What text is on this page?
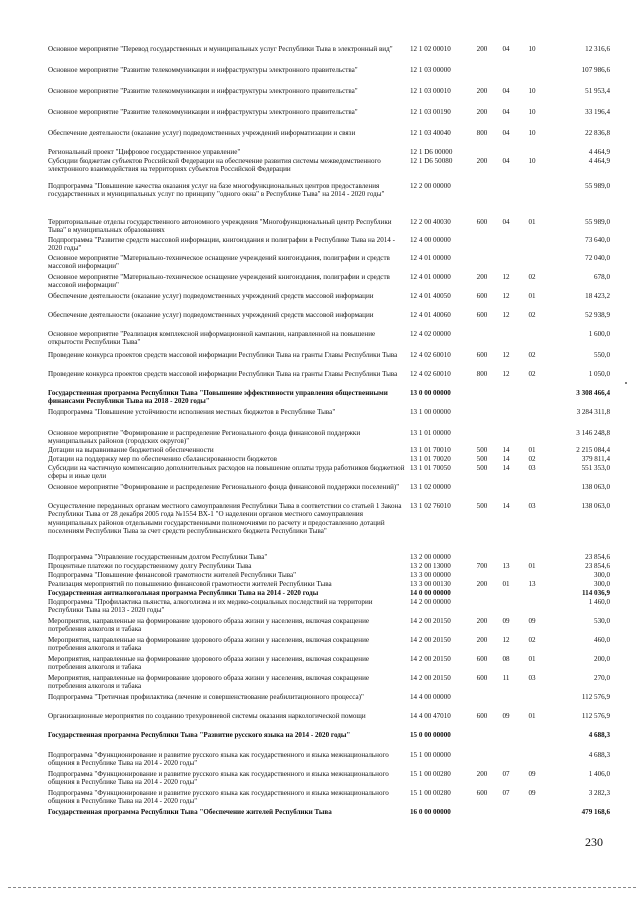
Основное мероприятие "Перевод государственных и муниципальных услуг Республики Тыва в электронный вид"	12 1 02 00010	200	04	10	12 316,6
Основное мероприятие "Развитие телекоммуникации и инфраструктуры электронного правительства"	12 1 03 00000	107 986,6
Основное мероприятие "Развитие телекоммуникации и инфраструктуры электронного правительства"	12 1 03 00010	200	04	10	51 953,4
Основное мероприятие "Развитие телекоммуникации и инфраструктуры электронного правительства"	12 1 03 00190	200	04	10	33 196,4
Обеспечение деятельности (оказание услуг) подведомственных учреждений информатизации и связи	12 1 03 40040	800	04	10	22 836,8
Региональный проект "Цифровое государственное управление"	12 1 D6 00000	4 464,9
Субсидии бюджетам субъектов Российской Федерации на обеспечение развития системы межведомственного электронного взаимодействия на территориях субъектов Российской Федерации
12 1 D6 50080	200	04	10	4 464,9
Подпрограмма "Повышение качества оказания услуг на базе многофункциональных центров предоставления государственных и муниципальных услуг по принципу "одного окна" в Республике Тыва" на 2014 - 2020 годы"
12 2 00 00000	55 989,0
Территориальные отделы государственного автономного учреждения "Многофункциональный центр Республики Тыва" в муниципальных образованиях
12 2 00 40030	600	04	01	55 989,0
Подпрограмма "Развитие средств массовой информации, книгоиздания и полиграфии в Республике Тыва на 2014 - 2020 годы"
12 4 00 00000	73 640,0
Основное мероприятие "Материально-техническое оснащение учреждений книгоиздания, полиграфии и средств массовой информации"
12 4 01 00000	72 040,0
Основное мероприятие "Материально-техническое оснащение учреждений книгоиздания, полиграфии и средств массовой информации"
12 4 01 00000	200	12	02	678,0
Обеспечение деятельности (оказание услуг) подведомственных учреждений средств массовой информации	12 4 01 40050	600	12	01	18 423,2
Обеспечение деятельности (оказание услуг) подведомственных учреждений средств массовой информации	12 4 01 40060	600	12	02	52 938,9
Основное мероприятие "Реализация комплексной информационной кампании, направленной на повышение открытости Республики Тыва"
12 4 02 00000	1 600,0
Проведение конкурса проектов средств массовой информации Республики Тыва на гранты Главы Республики Тыва	12 4 02 60010	600	12	02	550,0
Проведение конкурса проектов средств массовой информации Республики Тыва на гранты Главы Республики Тыва	12 4 02 60010	800	12	02	1 050,0
Государственная программа Республики Тыва "Повышение эффективности управления общественными финансами Республики Тыва на 2018 - 2020 годы"
13 0 00 00000	3 308 466,4
Подпрограмма "Повышение устойчивости исполнения местных бюджетов в Республике Тыва"	13 1 00 00000	3 284 311,8
Основное мероприятие "Формирование и распределение Регионального фонда финансовой поддержки муниципальных районов (городских округов)"
13 1 01 00000	3 146 248,8
Дотации на выравнивание бюджетной обеспеченности	13 1 01 70010	500	14	01	2 215 084,4
Дотации на поддержку мер по обеспечению сбалансированности бюджетов	13 1 01 70020	500	14	02	379 811,4
Субсидии на частичную компенсацию дополнительных расходов на повышение оплаты труда работников бюджетной сферы и иные цели
13 1 01 70050	500	14	03	551 353,0
Основное мероприятие "Формирование и распределение Регионального фонда финансовой поддержки поселений)"	13 1 02 00000	138 063,0
Осуществление переданных органам местного самоуправления Республики Тыва в соответствии со статьей 1 Закона Республики Тыва от 28 декабря 2005 года №1554 ВХ-1 "О наделении органов местного самоуправления муниципальных районов отдельными государственными полномочиями по расчету и предоставлению дотаций поселениям Республики Тыва за счет средств республиканского бюджета Республики Тыва"
13 1 02 76010	500	14	03	138 063,0
Подпрограмма "Управление государственным долгом Республики Тыва"	13 2 00 00000	23 854,6
Процентные платежи по государственному долгу Республики Тыва	13 2 00 13000	700	13	01	23 854,6
Подпрограмма "Повышение финансовой грамотности жителей Республики Тыва"	13 3 00 00000	300,0
Реализация мероприятий по повышению финансовой грамотности жителей Республики Тыва	13 3 00 00130	200	01	13	300,0
Государственная антиалкогольная программа Республики Тыва на 2014 - 2020 годы	14 0 00 00000	114 036,9
Подпрограмма "Профилактика пьянства, алкоголизма и их медико-социальных последствий на территории Республики Тыва на 2013 - 2020 годы"
14 2 00 00000	1 460,0
Мероприятия, направленные на формирование здорового образа жизни у населения, включая сокращение потребления алкоголя и табака
14 2 00 20150	200	09	09	530,0
Мероприятия, направленные на формирование здорового образа жизни у населения, включая сокращение потребления алкоголя и табака
14 2 00 20150	200	12	02	460,0
Мероприятия, направленные на формирование здорового образа жизни у населения, включая сокращение потребления алкоголя и табака
14 2 00 20150	600	08	01	200,0
Мероприятия, направленные на формирование здорового образа жизни у населения, включая сокращение потребления алкоголя и табака
14 2 00 20150	600	11	03	270,0
Подпрограмма "Третичная профилактика (лечение и совершенствование реабилитационного процесса)"	14 4 00 00000	112 576,9
Организационные мероприятия по созданию трехуровневой системы оказания наркологической помощи	14 4 00 47010	600	09	01	112 576,9
Государственная программа Республики Тыва "Развитие русского языка на 2014 - 2020 годы"	15 0 00 00000	4 688,3
Подпрограмма "Функционирование и развитие русского языка как государственного и языка межнационального общения в Республике Тыва на 2014 - 2020 годы"
15 1 00 00000	4 688,3
Подпрограмма "Функционирование и развитие русского языка как государственного и языка межнационального общения в Республике Тыва на 2014 - 2020 годы"
15 1 00 00280	200	07	09	1 406,0
Подпрограмма "Функционирование и развитие русского языка как государственного и языка межнационального общения в Республике Тыва на 2014 - 2020 годы"
15 1 00 00280	600	07	09	3 282,3
Государственная программа Республики Тыва "Обеспечение жителей Республики Тыва	16 0 00 00000	479 168,6
230
